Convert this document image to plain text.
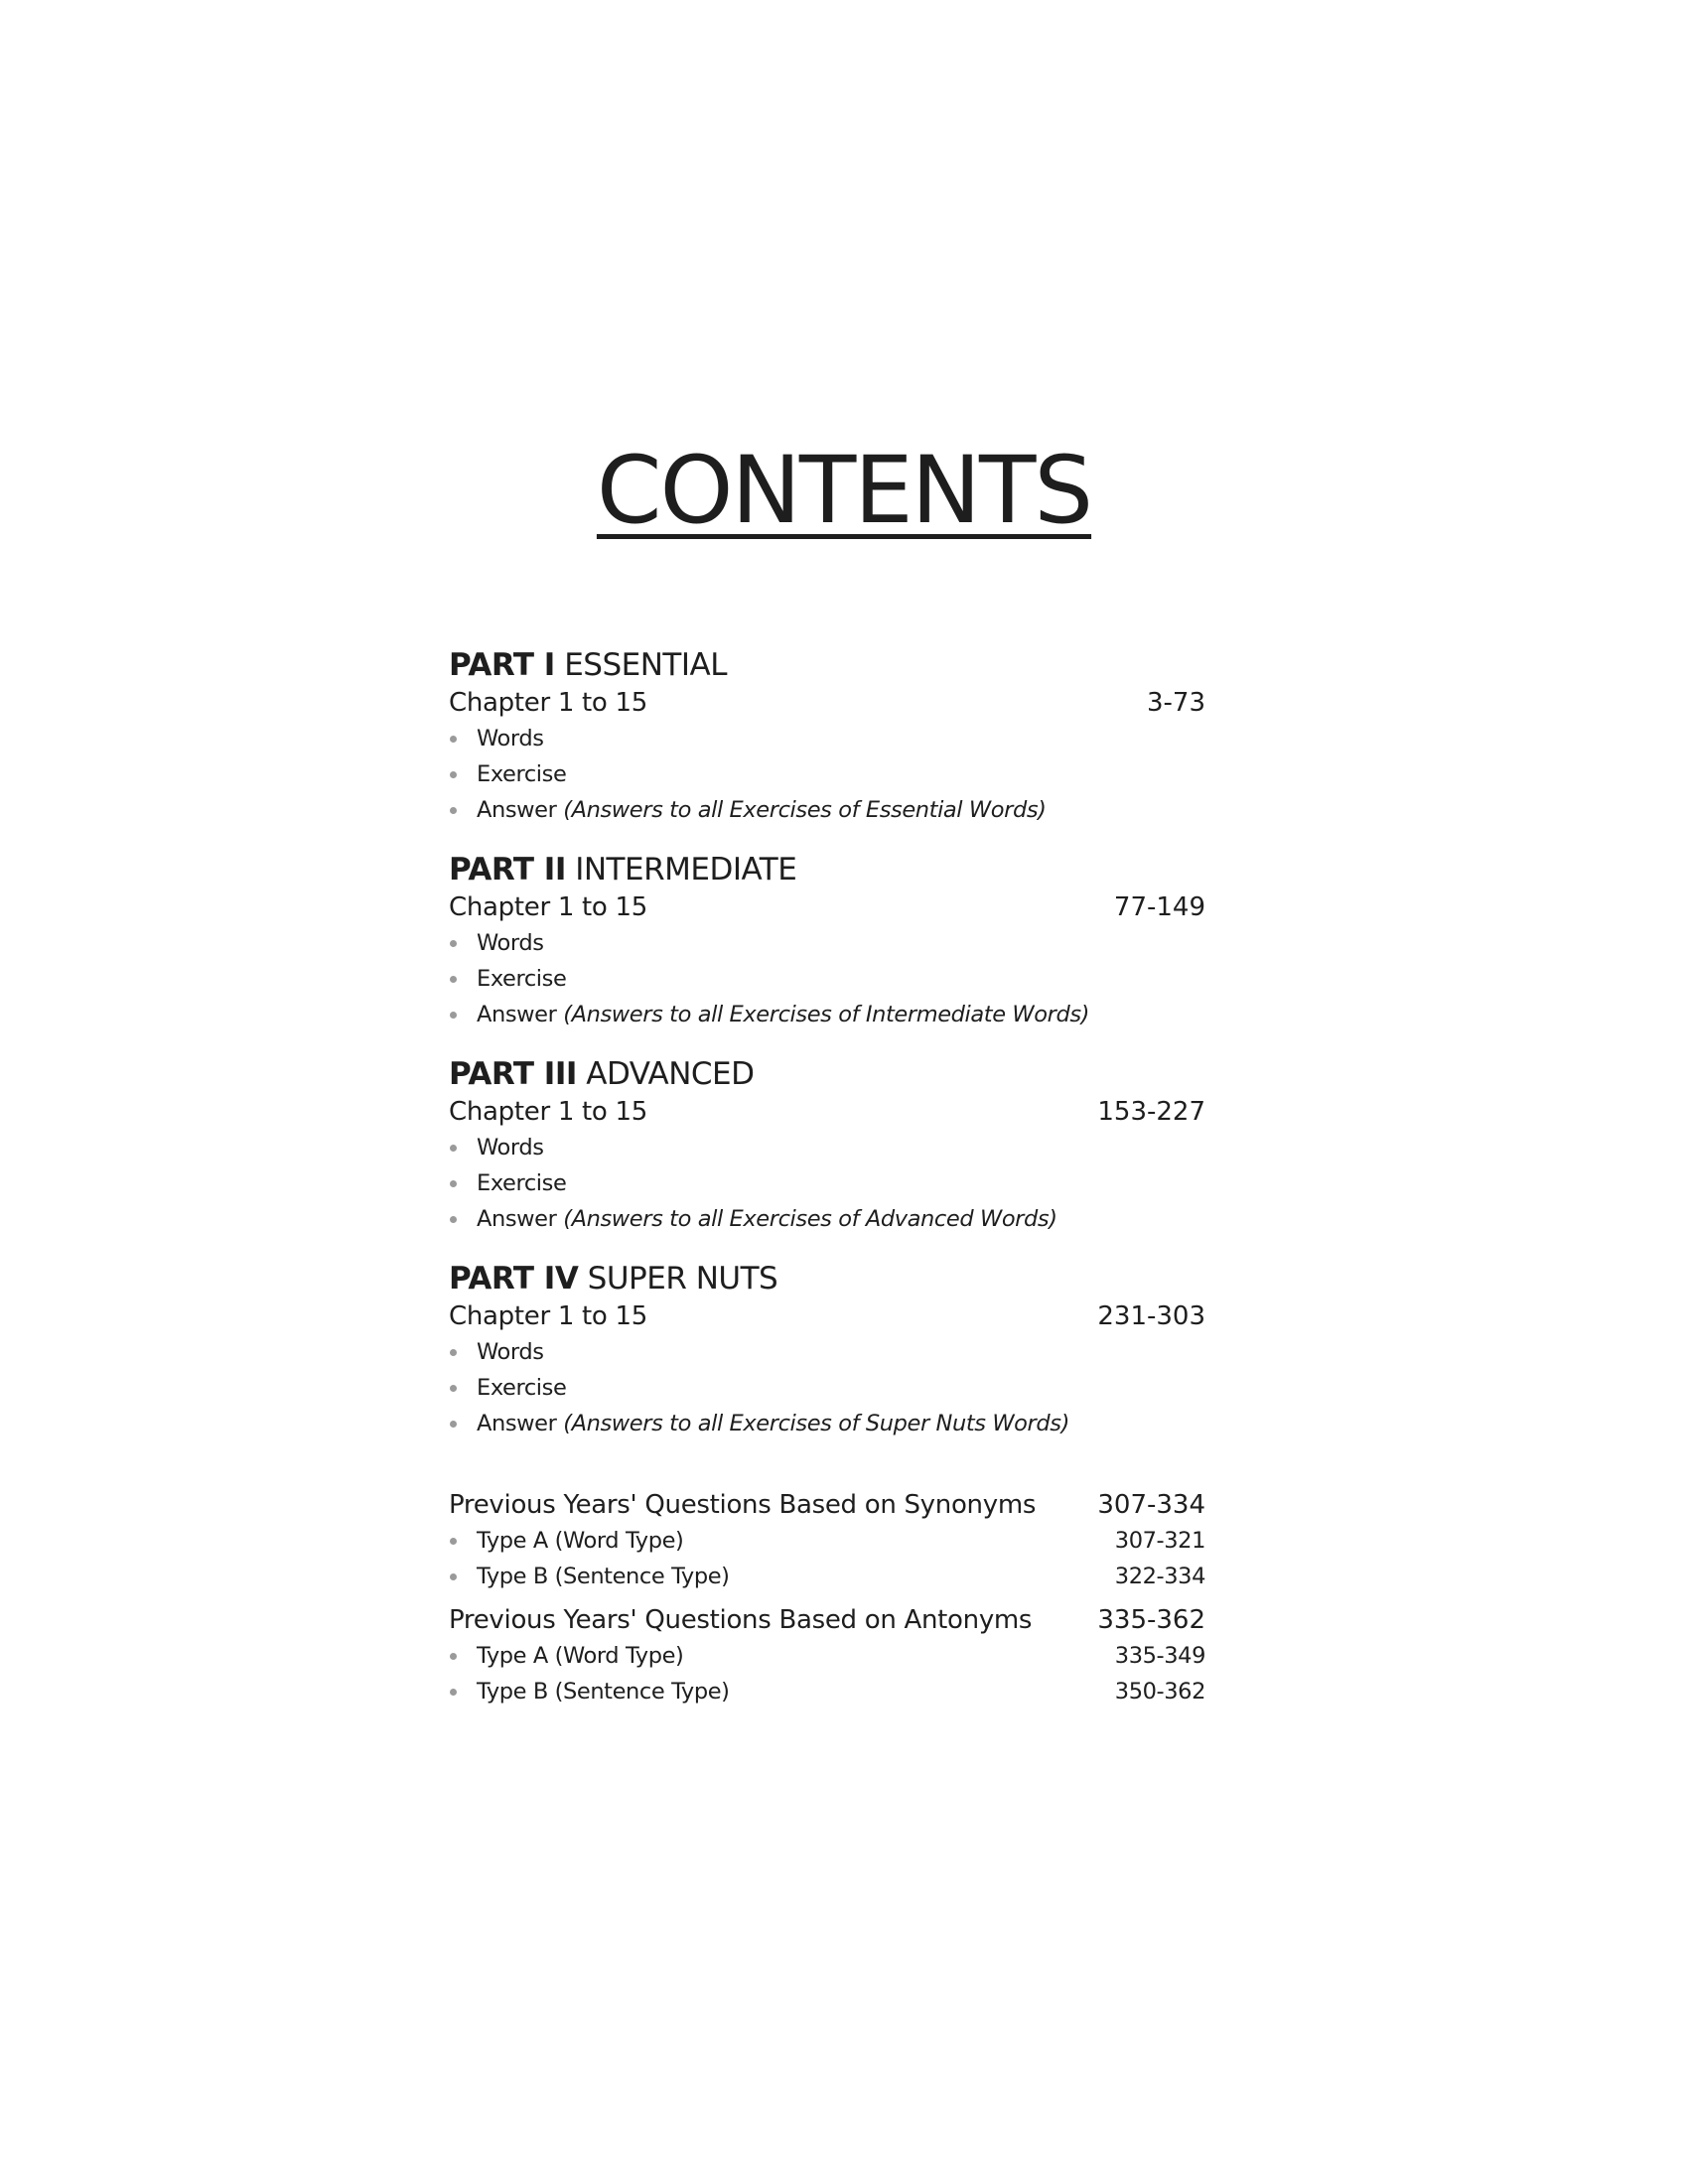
CONTENTS
PART I ESSENTIAL
Chapter 1 to 15	3-73
Words
Exercise
Answer (Answers to all Exercises of Essential Words)
PART II INTERMEDIATE
Chapter 1 to 15	77-149
Words
Exercise
Answer (Answers to all Exercises of Intermediate Words)
PART III ADVANCED
Chapter 1 to 15	153-227
Words
Exercise
Answer (Answers to all Exercises of Advanced Words)
PART IV SUPER NUTS
Chapter 1 to 15	231-303
Words
Exercise
Answer (Answers to all Exercises of Super Nuts Words)
Previous Years' Questions Based on Synonyms 307-334
Type A (Word Type)	307-321
Type B (Sentence Type)	322-334
Previous Years' Questions Based on Antonyms	335-362
Type A (Word Type)	335-349
Type B (Sentence Type)	350-362
